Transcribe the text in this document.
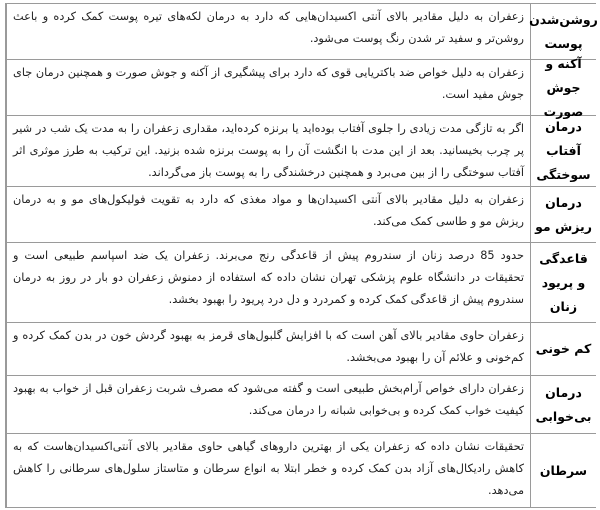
روشن‌شدن پوست
زعفران به دلیل مقادیر بالای آنتی اکسیدان‌هایی که دارد به درمان لکه‌های تیره پوست کمک کرده و باعث روشن‌تر و سفید تر شدن رنگ پوست می‌شود.
آکنه و جوش صورت
زعفران به دلیل خواص ضد باکتریایی قوی که دارد برای پیشگیری از آکنه و جوش صورت و همچنین درمان جای جوش مفید است.
درمان آفتاب سوختگی
اگر به تازگی مدت زیادی را جلوی آفتاب بوده‌اید یا برنزه کرده‌اید، مقداری زعفران را به مدت یک شب در شیر پر چرب بخیسانید. بعد از این مدت با انگشت آن را به پوست برنزه شده بزنید. این ترکیب به طرز موثری اثر آفتاب سوختگی را از بین می‌برد و همچنین درخشندگی را به پوست باز می‌گرداند.
درمان ریزش مو
زعفران به دلیل مقادیر بالای آنتی اکسیدان‌ها و مواد مغذی که دارد به تقویت فولیکول‌های مو و به درمان ریزش مو و طاسی کمک می‌کند.
قاعدگی و پریود زنان
حدود 85 درصد زنان از سندروم پیش از قاعدگی رنج می‌برند. زعفران یک ضد اسپاسم طبیعی است و تحقیقات در دانشگاه علوم پزشکی تهران نشان داده که استفاده از دمنوش زعفران دو بار در روز به درمان سندروم پیش از قاعدگی کمک کرده و کمردرد و دل درد پریود را بهبود بخشد.
کم خونی
زعفران حاوی مقادیر بالای آهن است که با افزایش گلبول‌های قرمز به بهبود گردش خون در بدن کمک کرده و کم‌خونی و علائم آن را بهبود می‌بخشد.
درمان بی‌خوابی
زعفران دارای خواص آرام‌بخش طبیعی است و گفته می‌شود که مصرف شربت زعفران قبل از خواب به بهبود کیفیت خواب کمک کرده و بی‌خوابی شبانه را درمان می‌کند.
سرطان
تحقیقات نشان داده که زعفران یکی از بهترین داروهای گیاهی حاوی مقادیر بالای آنتی‌اکسیدان‌هاست که به کاهش رادیکال‌های آزاد بدن کمک کرده و خطر ابتلا به انواع سرطان و متاستاز سلول‌های سرطانی را کاهش می‌دهد.
